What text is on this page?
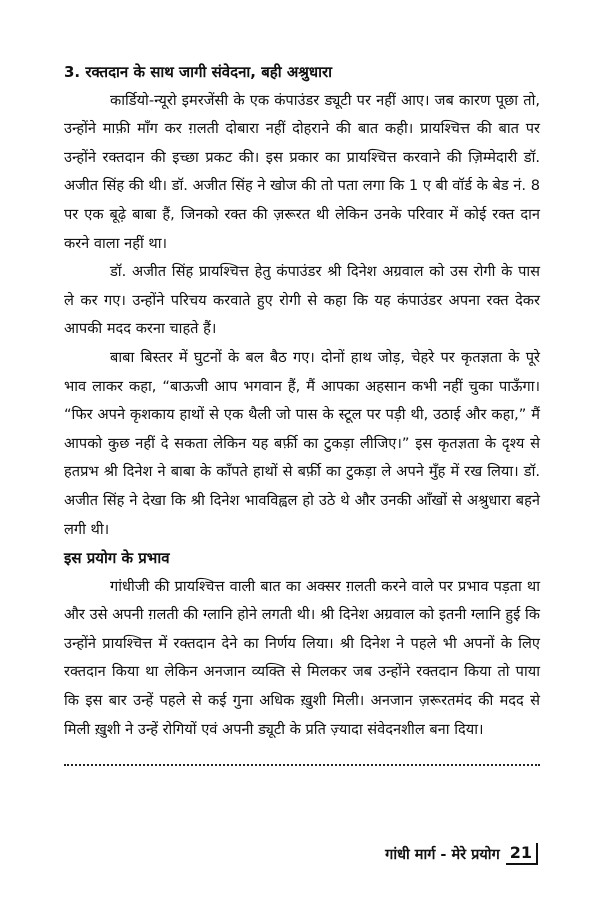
3. रक्तदान के साथ जागी संवेदना, बही अश्रुधारा

कार्डियो-न्यूरो इमरजेंसी के एक कंपाउंडर ड्यूटी पर नहीं आए। जब कारण पूछा तो, उन्होंने माफ़ी माँग कर ग़लती दोबारा नहीं दोहराने की बात कही। प्रायश्चित्त की बात पर उन्होंने रक्तदान की इच्छा प्रकट की। इस प्रकार का प्रायश्चित्त करवाने की ज़िम्मेदारी डॉ. अजीत सिंह की थी। डॉ. अजीत सिंह ने खोज की तो पता लगा कि 1 ए बी वॉर्ड के बेड नं. 8 पर एक बूढ़े बाबा हैं, जिनको रक्त की ज़रूरत थी लेकिन उनके परिवार में कोई रक्त दान करने वाला नहीं था।

डॉ. अजीत सिंह प्रायश्चित्त हेतु कंपाउंडर श्री दिनेश अग्रवाल को उस रोगी के पास ले कर गए। उन्होंने परिचय करवाते हुए रोगी से कहा कि यह कंपाउंडर अपना रक्त देकर आपकी मदद करना चाहते हैं।

बाबा बिस्तर में घुटनों के बल बैठ गए। दोनों हाथ जोड़, चेहरे पर कृतज्ञता के पूरे भाव लाकर कहा, “बाऊजी आप भगवान हैं, मैं आपका अहसान कभी नहीं चुका पाऊँगा। “फिर अपने कृशकाय हाथों से एक थैली जो पास के स्टूल पर पड़ी थी, उठाई और कहा,” मैं आपको कुछ नहीं दे सकता लेकिन यह बर्फ़ी का टुकड़ा लीजिए।” इस कृतज्ञता के दृश्य से हतप्रभ श्री दिनेश ने बाबा के काँपते हाथों से बर्फ़ी का टुकड़ा ले अपने मुँह में रख लिया। डॉ. अजीत सिंह ने देखा कि श्री दिनेश भावविह्वल हो उठे थे और उनकी आँखों से अश्रुधारा बहने लगी थी।

इस प्रयोग के प्रभाव

गांधीजी की प्रायश्चित्त वाली बात का अक्सर ग़लती करने वाले पर प्रभाव पड़ता था और उसे अपनी ग़लती की ग्लानि होने लगती थी। श्री दिनेश अग्रवाल को इतनी ग्लानि हुई कि उन्होंने प्रायश्चित्त में रक्तदान देने का निर्णय लिया। श्री दिनेश ने पहले भी अपनों के लिए रक्तदान किया था लेकिन अनजान व्यक्ति से मिलकर जब उन्होंने रक्तदान किया तो पाया कि इस बार उन्हें पहले से कई गुना अधिक ख़ुशी मिली। अनजान ज़रूरतमंद की मदद से मिली ख़ुशी ने उन्हें रोगियों एवं अपनी ड्यूटी के प्रति ज़्यादा संवेदनशील बना दिया।

गांधी मार्ग - मेरे प्रयोग 21
